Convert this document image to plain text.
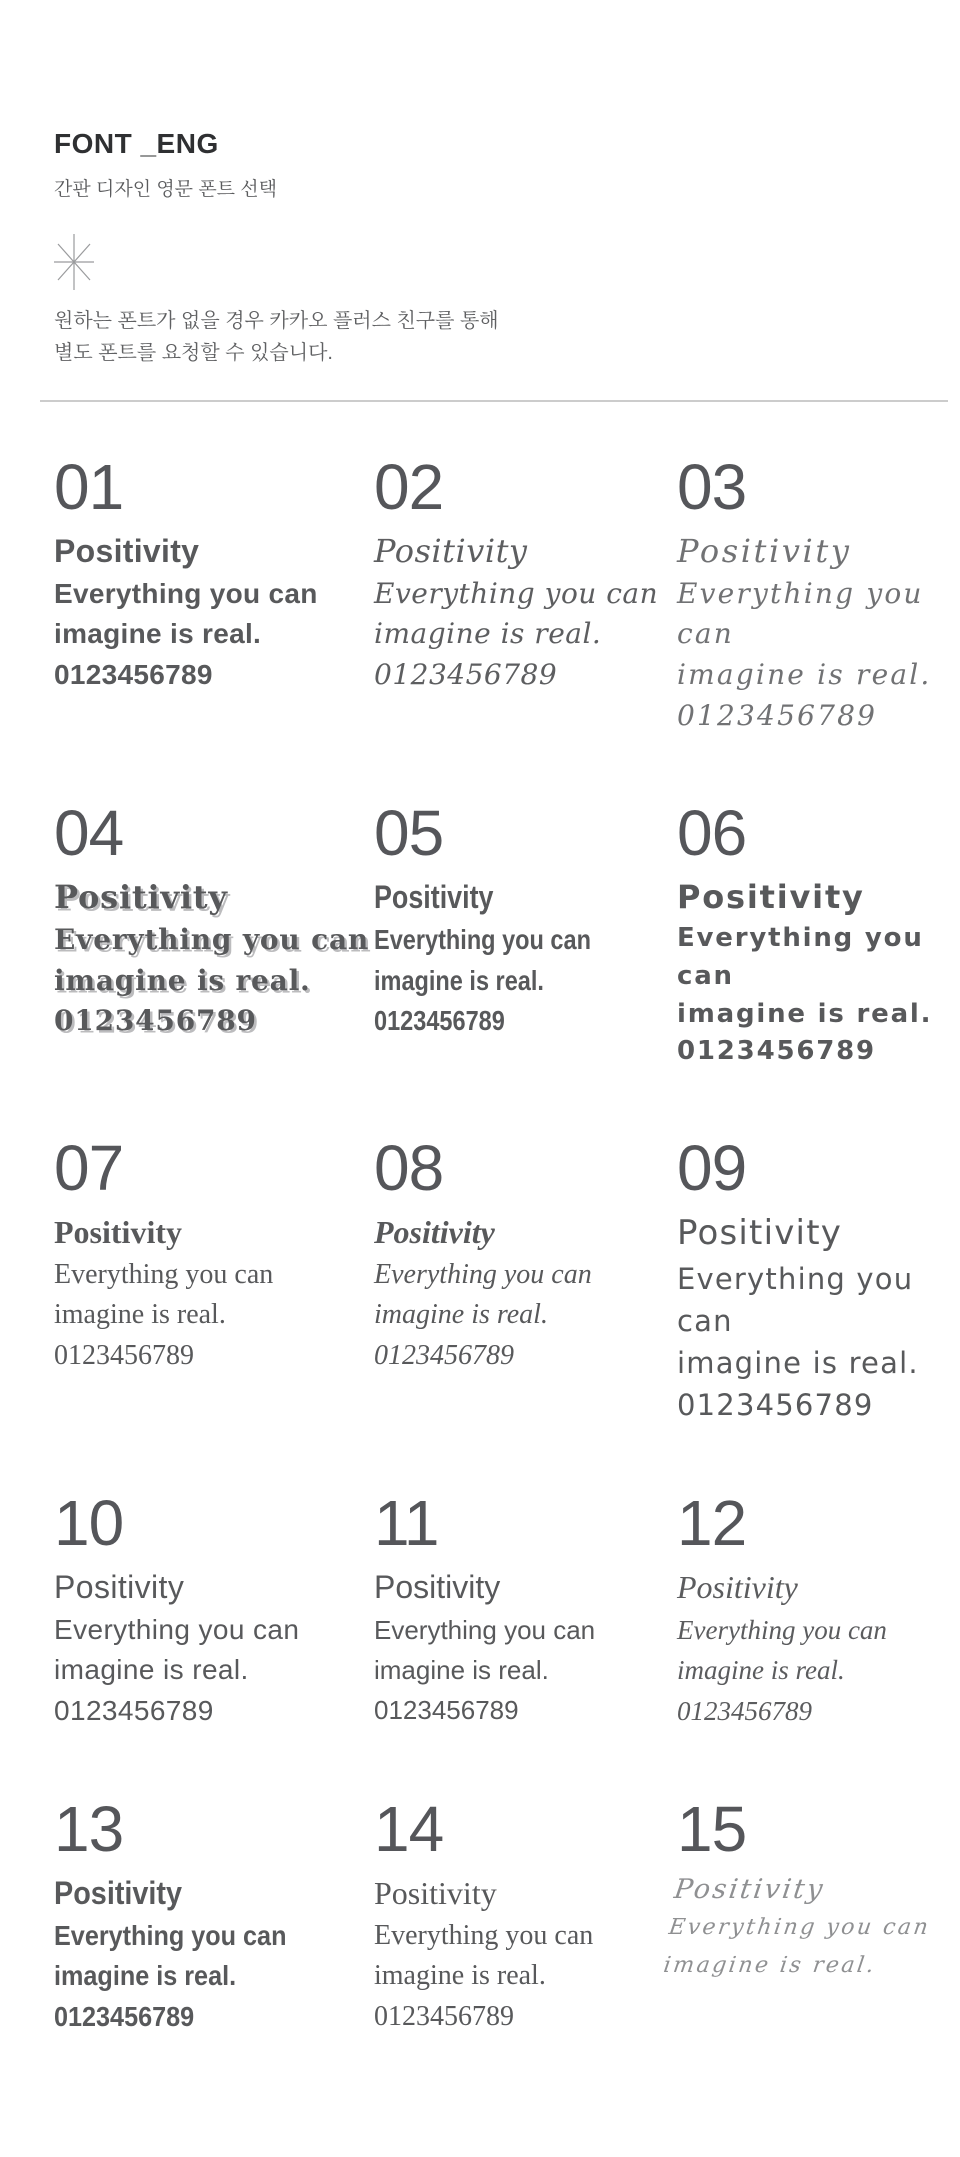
FONT _ENG
간판 디자인 영문 폰트 선택
원하는 폰트가 없을 경우 카카오 플러스 친구를 통해
별도 폰트를 요청할 수 있습니다.
01
Positivity
Everything you can
imagine is real.
0123456789
02
Positivity
Everything you can
imagine is real.
0123456789
03
Positivity
Everything you can
imagine is real.
0123456789
04
Positivity
Everything you can
imagine is real.
0123456789
05
Positivity
Everything you can
imagine is real.
0123456789
06
Positivity
Everything you can
imagine is real.
0123456789
07
Positivity
Everything you can
imagine is real.
0123456789
08
Positivity
Everything you can
imagine is real.
0123456789
09
Positivity
Everything you can
imagine is real.
0123456789
10
Positivity
Everything you can
imagine is real.
0123456789
11
Positivity
Everything you can
imagine is real.
0123456789
12
Positivity
Everything you can
imagine is real.
0123456789
13
Positivity
Everything you can
imagine is real.
0123456789
14
Positivity
Everything you can
imagine is real.
0123456789
15
Positivity
Everything you can
imagine is real.
